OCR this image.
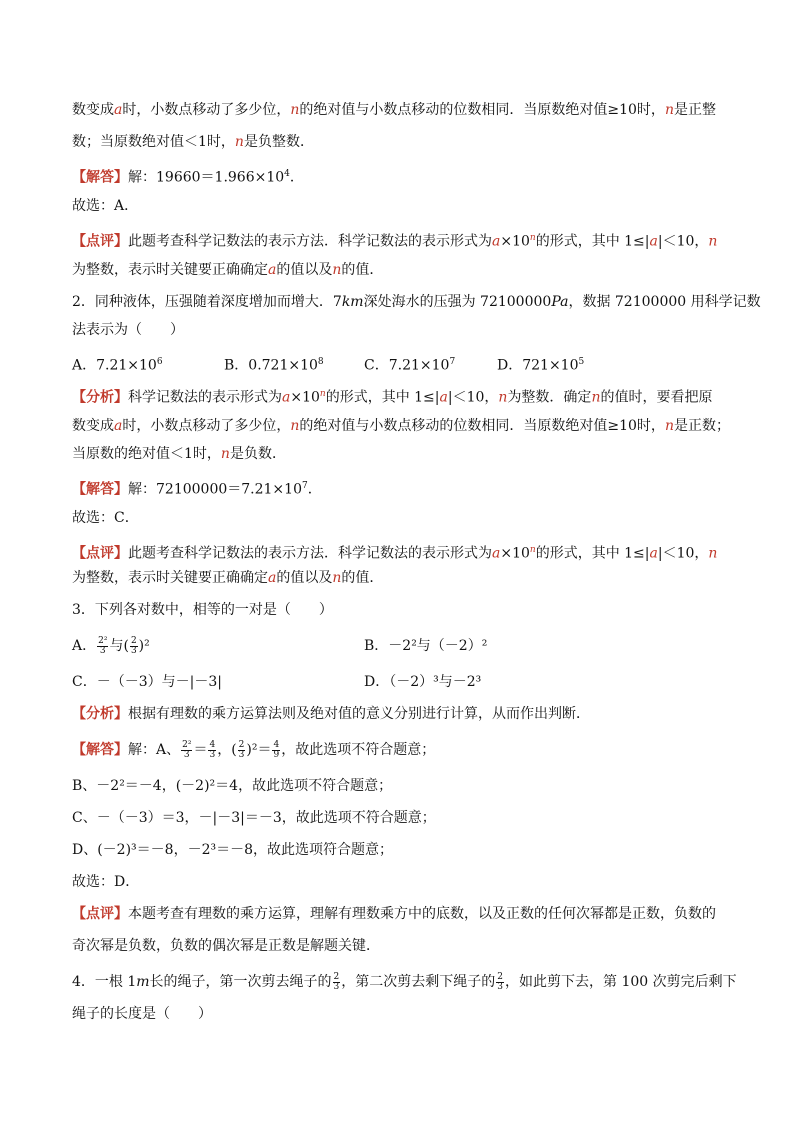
数变成a时，小数点移动了多少位，n的绝对值与小数点移动的位数相同．当原数绝对值≥10时，n是正整
数；当原数绝对值＜1时，n是负整数．
【解答】解：$19660=1.966\times 10^4$．
故选：A．
【点评】此题考查科学记数法的表示方法．科学记数法的表示形式为$a\times 10^n$的形式，其中 1≤|a|＜10，n
为整数，表示时关键要正确确定a的值以及n的值．
2．同种液体，压强随着深度增加而增大．7km深处海水的压强为 72100000Pa，数据 72100000 用科学记数
法表示为（　　）
A．$7.21\times 10^6$	B．$0.721\times 10^8$	C．$7.21\times 10^7$	D．$721\times 10^5$
【分析】科学记数法的表示形式为$a\times 10^n$的形式，其中 1≤|a|＜10，n为整数．确定n的值时，要看把原
数变成a时，小数点移动了多少位，n的绝对值与小数点移动的位数相同．当原数绝对值≥10时，n是正数；
当原数的绝对值＜1时，n是负数．
【解答】解：$72100000=7.21\times 10^7$．
故选：C．
【点评】此题考查科学记数法的表示方法．科学记数法的表示形式为$a\times 10^n$的形式，其中 1≤|a|＜10，n
为整数，表示时关键要正确确定a的值以及n的值．
3．下列各对数中，相等的一对是（　　）
A． $\frac{\text{2²}}{3}$ 与( $\frac{2}{3} )^2$	B．－2²与（－2）²
C．－（－3）与－|－3|	D．（－2）³与－2³
【分析】根据有理数的乘方运算法则及绝对值的意义分别进行计算，从而作出判断．
【解答】解：A、 $\frac{\text{2²}}{3} = \frac{4}{3}$ ，( $\frac{2}{3} )^2= \frac{4}{9}$ ，故此选项不符合题意；
B、－2²＝－4，(－2)²＝4，故此选项不符合题意；
C、－（－3）＝3，－|－3|＝－3，故此选项不符合题意；
D、(－2)³＝－8，－2³＝－8，故此选项符合题意；
故选：D．
【点评】本题考查有理数的乘方运算，理解有理数乘方中的底数，以及正数的任何次幂都是正数，负数的
奇次幂是负数，负数的偶次幂是正数是解题关键．
4．一根 1m长的绳子，第一次剪去绳子的 $\frac{2}{3}$ ，第二次剪去剩下绳子的 $\frac{2}{3}$ ，如此剪下去，第 100 次剪完后剩下
绳子的长度是（　　）
